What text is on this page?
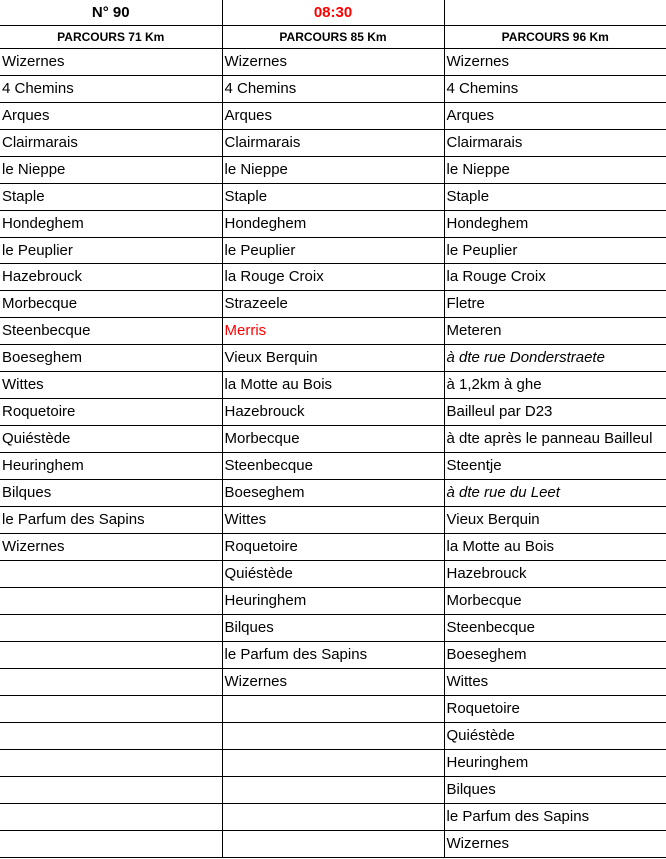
N° 90	08:30	
PARCOURS 71 Km	PARCOURS 85 Km	PARCOURS 96 Km
Wizernes	Wizernes	Wizernes
4 Chemins	4 Chemins	4 Chemins
Arques	Arques	Arques
Clairmarais	Clairmarais	Clairmarais
le Nieppe	le Nieppe	le Nieppe
Staple	Staple	Staple
Hondeghem	Hondeghem	Hondeghem
le Peuplier	le Peuplier	le Peuplier
Hazebrouck	la Rouge Croix	la Rouge Croix
Morbecque	Strazeele	Fletre
Steenbecque	Merris	Meteren
Boeseghem	Vieux Berquin	à dte rue Donderstraete
Wittes	la Motte au Bois	à 1,2km à ghe
Roquetoire	Hazebrouck	Bailleul par D23
Quiéstède	Morbecque	à dte après le panneau Bailleul
Heuringhem	Steenbecque	Steentje
Bilques	Boeseghem	à dte rue du Leet
le Parfum des Sapins	Wittes	Vieux Berquin
Wizernes	Roquetoire	la Motte au Bois
	Quiéstède	Hazebrouck
	Heuringhem	Morbecque
	Bilques	Steenbecque
	le Parfum des Sapins	Boeseghem
	Wizernes	Wittes
		Roquetoire
		Quiéstède
		Heuringhem
		Bilques
		le Parfum des Sapins
		Wizernes
